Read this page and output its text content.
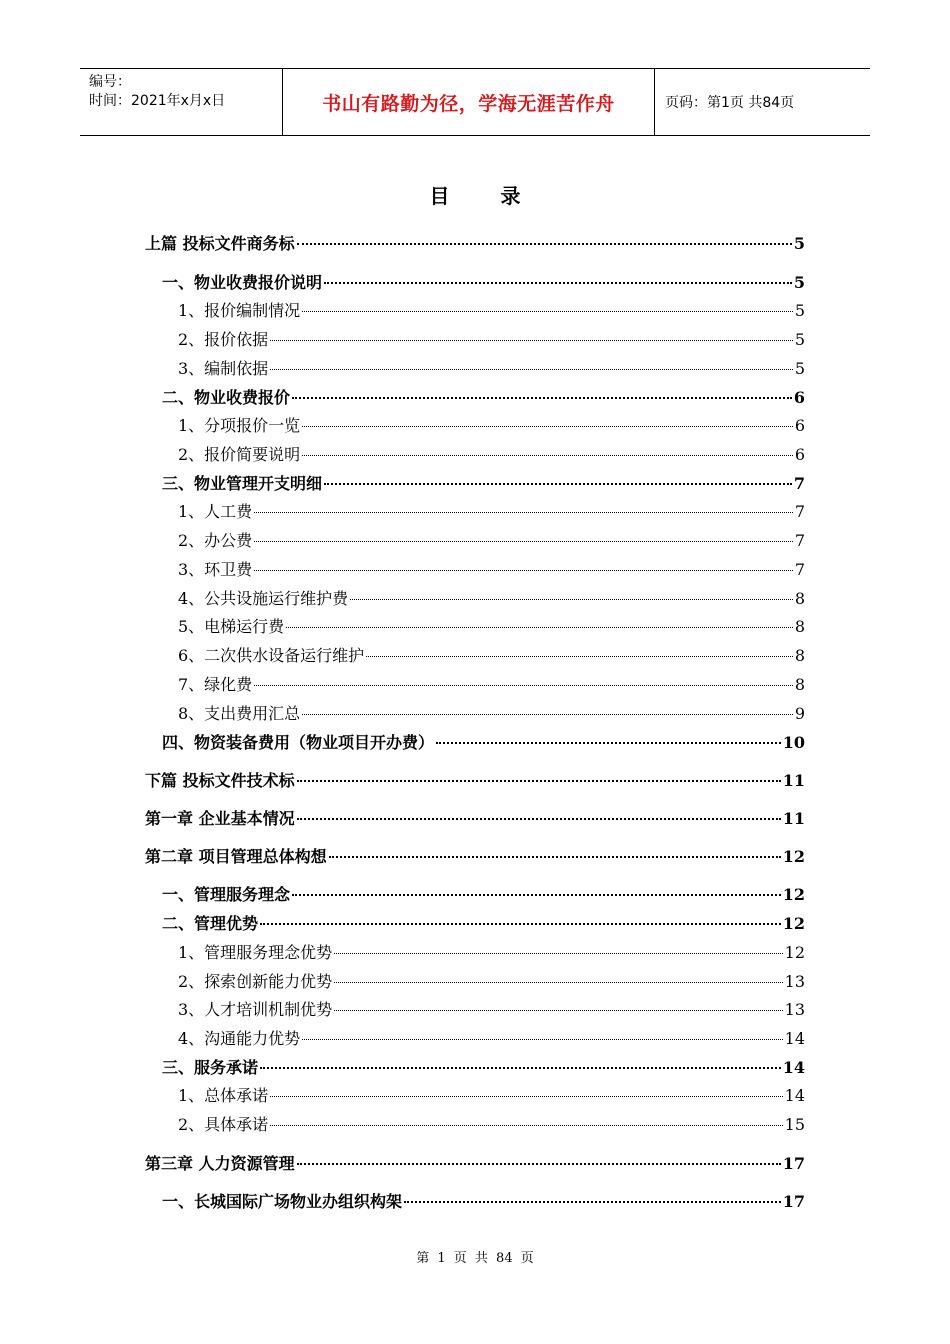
编号：
时间：2021年x月x日	书山有路勤为径，学海无涯苦作舟	页码：第1页 共84页
目 录
上篇 投标文件商务标	5
一、物业收费报价说明	5
1、报价编制情况	5
2、报价依据	5
3、编制依据	5
二、物业收费报价	6
1、分项报价一览	6
2、报价简要说明	6
三、物业管理开支明细	7
1、人工费	7
2、办公费	7
3、环卫费	7
4、公共设施运行维护费	8
5、电梯运行费	8
6、二次供水设备运行维护	8
7、绿化费	8
8、支出费用汇总	9
四、物资装备费用（物业项目开办费）	10
下篇 投标文件技术标	11
第一章 企业基本情况	11
第二章 项目管理总体构想	12
一、管理服务理念	12
二、管理优势	12
1、管理服务理念优势	12
2、探索创新能力优势	13
3、人才培训机制优势	13
4、沟通能力优势	14
三、服务承诺	14
1、总体承诺	14
2、具体承诺	15
第三章 人力资源管理	17
一、长城国际广场物业办组织构架	17
第 1 页 共 84 页
